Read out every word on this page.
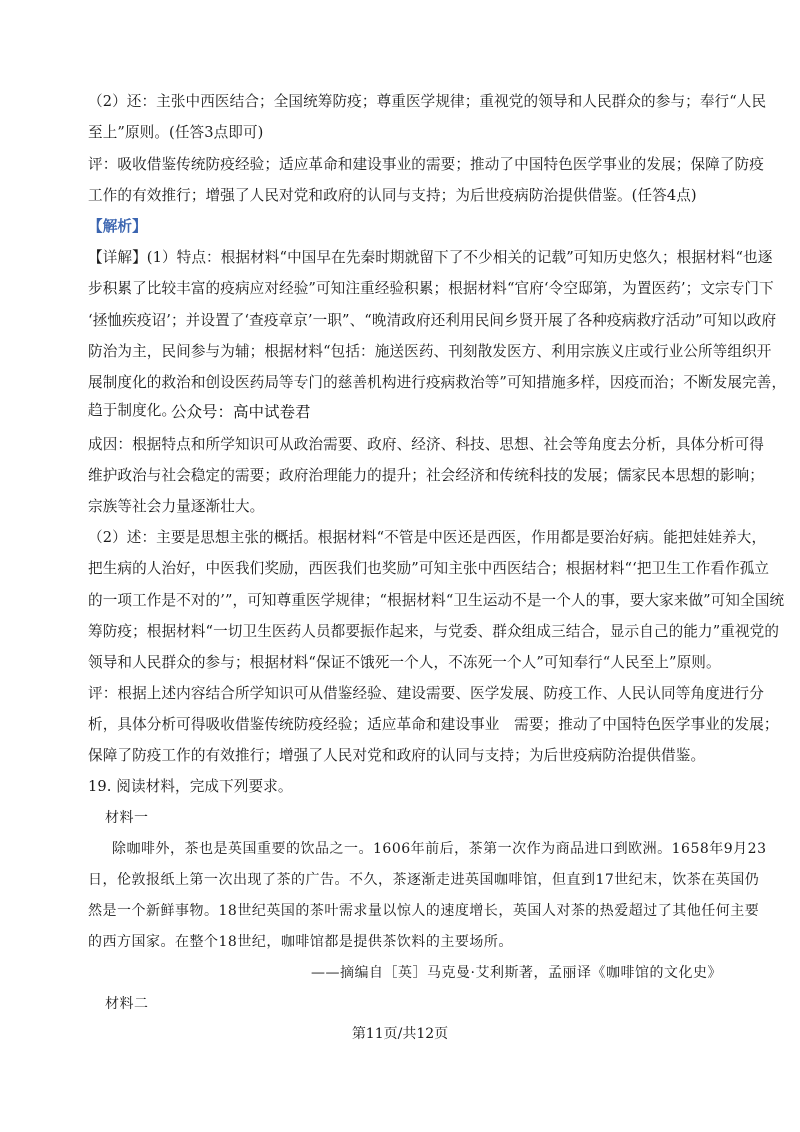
（2）还：主张中西医结合；全国统筹防疫；尊重医学规律；重视党的领导和人民群众的参与；奉行“人民
至上”原则。(任答3点即可)
评：吸收借鉴传统防疫经验；适应革命和建设事业的需要；推动了中国特色医学事业的发展；保障了防疫
工作的有效推行；增强了人民对党和政府的认同与支持；为后世疫病防治提供借鉴。(任答4点)
【解析】
【详解】(1）特点：根据材料“中国早在先秦时期就留下了不少相关的记载”可知历史悠久；根据材料“也逐
步积累了比较丰富的疫病应对经验”可知注重经验积累；根据材料“官府‘令空邸第，为置医药’；文宗专门下
‘拯恤疾疫诏’；并设置了‘查疫章京’一职”、“晚清政府还利用民间乡贤开展了各种疫病救疗活动”可知以政府
防治为主，民间参与为辅；根据材料“包括：施送医药、刊刻散发医方、利用宗族义庄或行业公所等组织开
展制度化的救治和创设医药局等专门的慈善机构进行疫病救治等”可知措施多样，因疫而治；不断发展完善，
趋于制度化。
公众号：高中试卷君
成因：根据特点和所学知识可从政治需要、政府、经济、科技、思想、社会等角度去分析，具体分析可得
维护政治与社会稳定的需要；政府治理能力的提升；社会经济和传统科技的发展；儒家民本思想的影响；
宗族等社会力量逐渐壮大。
（2）述：主要是思想主张的概括。根据材料“不管是中医还是西医，作用都是要治好病。能把娃娃养大，
把生病的人治好，中医我们奖励，西医我们也奖励”可知主张中西医结合；根据材料“‘把卫生工作看作孤立
的一项工作是不对的’”，可知尊重医学规律；“根据材料“卫生运动不是一个人的事，要大家来做”可知全国统
筹防疫；根据材料“一切卫生医药人员都要振作起来，与党委、群众组成三结合，显示自己的能力”重视党的
领导和人民群众的参与；根据材料“保证不饿死一个人，不冻死一个人”可知奉行“人民至上”原则。
评：根据上述内容结合所学知识可从借鉴经验、建设需要、医学发展、防疫工作、人民认同等角度进行分
析，具体分析可得吸收借鉴传统防疫经验；适应革命和建设事业　需要；推动了中国特色医学事业的发展；
保障了防疫工作的有效推行；增强了人民对党和政府的认同与支持；为后世疫病防治提供借鉴。
19. 阅读材料，完成下列要求。
材料一
除咖啡外，茶也是英国重要的饮品之一。1606年前后，茶第一次作为商品进口到欧洲。1658年9月23
日，伦敦报纸上第一次出现了茶的广告。不久，茶逐渐走进英国咖啡馆，但直到17世纪末，饮茶在英国仍
然是一个新鲜事物。18世纪英国的茶叶需求量以惊人的速度增长，英国人对茶的热爱超过了其他任何主要
的西方国家。在整个18世纪，咖啡馆都是提供茶饮料的主要场所。
——摘编自［英］马克曼·艾利斯著，孟丽译《咖啡馆的文化史》
材料二
第11页/共12页
